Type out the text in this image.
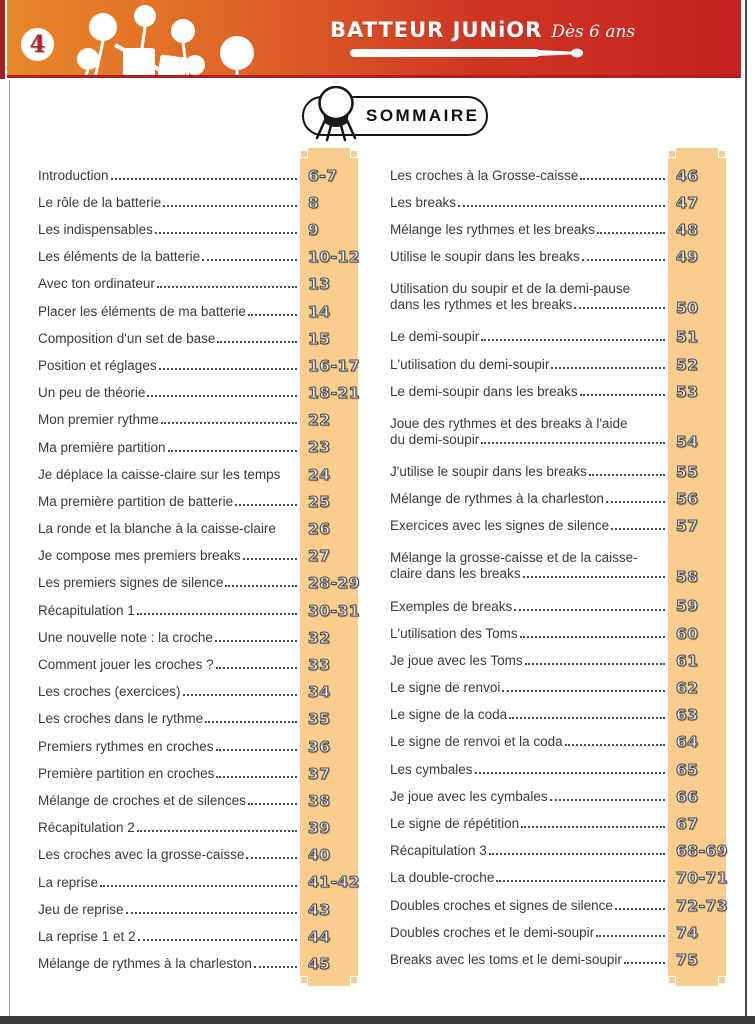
4
BATTEUR JUNiOR Dès 6 ans
SOMMAIRE
Introduction	6-7
Le rôle de la batterie	8
Les indispensables	9
Les éléments de la batterie	10-12
Avec ton ordinateur	13
Placer les éléments de ma batterie	14
Composition d'un set de base	15
Position et réglages	16-17
Un peu de théorie	18-21
Mon premier rythme	22
Ma première partition	23
Je déplace la caisse-claire sur les temps	24
Ma première partition de batterie	25
La ronde et la blanche à la caisse-claire	26
Je compose mes premiers breaks	27
Les premiers signes de silence	28-29
Récapitulation 1	30-31
Une nouvelle note : la croche	32
Comment jouer les croches ?	33
Les croches (exercices)	34
Les croches dans le rythme	35
Premiers rythmes en croches	36
Première partition en croches	37
Mélange de croches et de silences	38
Récapitulation 2	39
Les croches avec la grosse-caisse	40
La reprise	41-42
Jeu de reprise	43
La reprise 1 et 2	44
Mélange de rythmes à la charleston	45
Les croches à la Grosse-caisse	46
Les breaks	47
Mélange les rythmes et les breaks	48
Utilise le soupir dans les breaks	49
Utilisation du soupir et de la demi-pause
dans les rythmes et les breaks	50
Le demi-soupir	51
L'utilisation du demi-soupir	52
Le demi-soupir dans les breaks	53
Joue des rythmes et des breaks à l'aide
du demi-soupir	54
J'utilise le soupir dans les breaks	55
Mélange de rythmes à la charleston	56
Exercices avec les signes de silence	57
Mélange la grosse-caisse et de la caisse-
claire dans les breaks	58
Exemples de breaks	59
L'utilisation des Toms	60
Je joue avec les Toms	61
Le signe de renvoi	62
Le signe de la coda	63
Le signe de renvoi et la coda	64
Les cymbales	65
Je joue avec les cymbales	66
Le signe de répétition	67
Récapitulation 3	68-69
La double-croche	70-71
Doubles croches et signes de silence	72-73
Doubles croches et le demi-soupir	74
Breaks avec les toms et le demi-soupir	75
